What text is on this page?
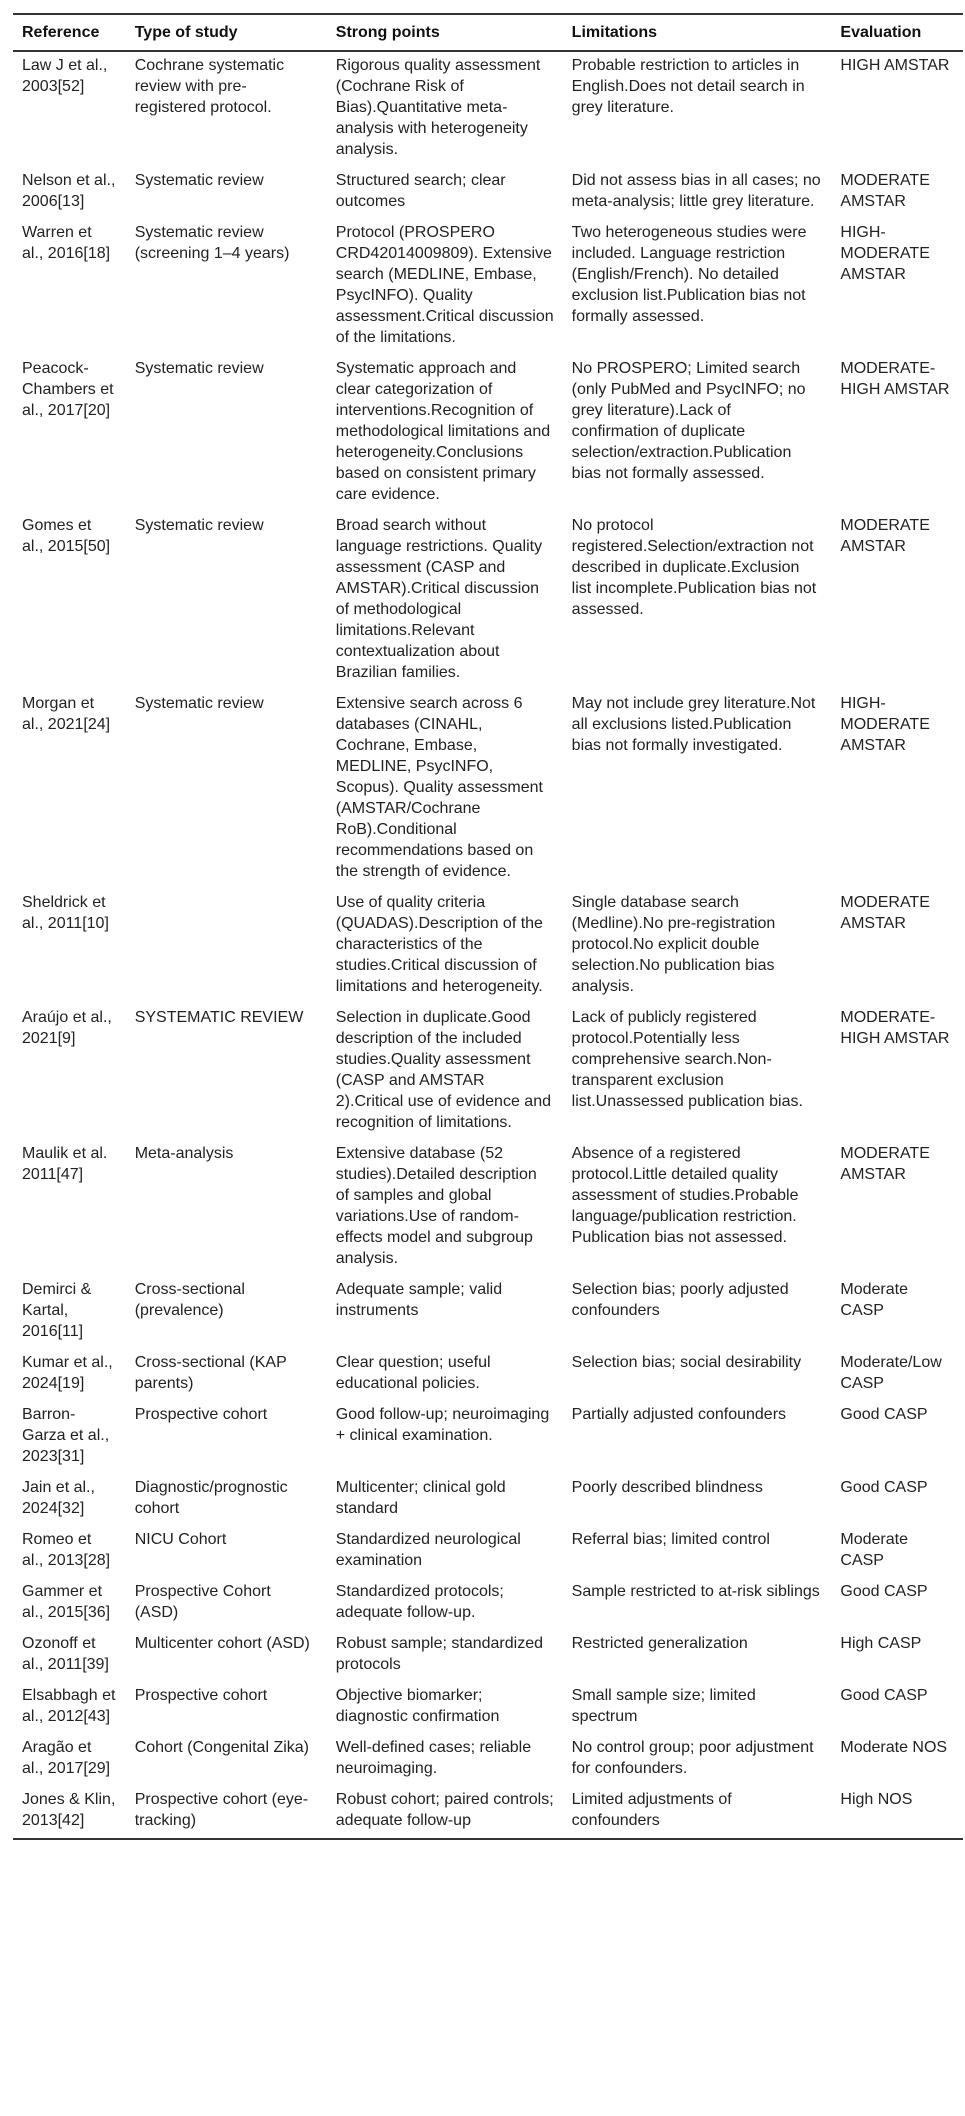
Reference	Type of study	Strong points	Limitations	Evaluation
Law J et al., 2003[52]	Cochrane systematic review with pre-registered protocol.	Rigorous quality assessment (Cochrane Risk of Bias).Quantitative meta-analysis with heterogeneity analysis.	Probable restriction to articles in English.Does not detail search in grey literature.	HIGH AMSTAR
Nelson et al., 2006[13]	Systematic review	Structured search; clear outcomes	Did not assess bias in all cases; no meta-analysis; little grey literature.	MODERATE AMSTAR
Warren et al., 2016[18]	Systematic review (screening 1–4 years)	Protocol (PROSPERO CRD42014009809). Extensive search (MEDLINE, Embase, PsycINFO). Quality assessment.Critical discussion of the limitations.	Two heterogeneous studies were included. Language restriction (English/French). No detailed exclusion list.Publication bias not formally assessed.	HIGH-MODERATE AMSTAR
Peacock-Chambers et al., 2017[20]	Systematic review	Systematic approach and clear categorization of interventions.Recognition of methodological limitations and heterogeneity.Conclusions based on consistent primary care evidence.	No PROSPERO; Limited search (only PubMed and PsycINFO; no grey literature).Lack of confirmation of duplicate selection/extraction.Publication bias not formally assessed.	MODERATE-HIGH AMSTAR
Gomes et al., 2015[50]	Systematic review	Broad search without language restrictions. Quality assessment (CASP and AMSTAR).Critical discussion of methodological limitations.Relevant contextualization about Brazilian families.	No protocol registered.Selection/extraction not described in duplicate.Exclusion list incomplete.Publication bias not assessed.	MODERATE AMSTAR
Morgan et al., 2021[24]	Systematic review	Extensive search across 6 databases (CINAHL, Cochrane, Embase, MEDLINE, PsycINFO, Scopus). Quality assessment (AMSTAR/Cochrane RoB).Conditional recommendations based on the strength of evidence.	May not include grey literature.Not all exclusions listed.Publication bias not formally investigated.	HIGH-MODERATE AMSTAR
Sheldrick et al., 2011[10]		Use of quality criteria (QUADAS).Description of the characteristics of the studies.Critical discussion of limitations and heterogeneity.	Single database search (Medline).No pre-registration protocol.No explicit double selection.No publication bias analysis.	MODERATE AMSTAR
Araújo et al., 2021[9]	SYSTEMATIC REVIEW	Selection in duplicate.Good description of the included studies.Quality assessment (CASP and AMSTAR 2).Critical use of evidence and recognition of limitations.	Lack of publicly registered protocol.Potentially less comprehensive search.Non-transparent exclusion list.Unassessed publication bias.	MODERATE-HIGH AMSTAR
Maulik et al. 2011[47]	Meta-analysis	Extensive database (52 studies).Detailed description of samples and global variations.Use of random-effects model and subgroup analysis.	Absence of a registered protocol.Little detailed quality assessment of studies.Probable language/publication restriction. Publication bias not assessed.	MODERATE AMSTAR
Demirci & Kartal, 2016[11]	Cross-sectional (prevalence)	Adequate sample; valid instruments	Selection bias; poorly adjusted confounders	Moderate CASP
Kumar et al., 2024[19]	Cross-sectional (KAP parents)	Clear question; useful educational policies.	Selection bias; social desirability	Moderate/Low CASP
Barron-Garza et al., 2023[31]	Prospective cohort	Good follow-up; neuroimaging + clinical examination.	Partially adjusted confounders	Good CASP
Jain et al., 2024[32]	Diagnostic/prognostic cohort	Multicenter; clinical gold standard	Poorly described blindness	Good CASP
Romeo et al., 2013[28]	NICU Cohort	Standardized neurological examination	Referral bias; limited control	Moderate CASP
Gammer et al., 2015[36]	Prospective Cohort (ASD)	Standardized protocols; adequate follow-up.	Sample restricted to at-risk siblings	Good CASP
Ozonoff et al., 2011[39]	Multicenter cohort (ASD)	Robust sample; standardized protocols	Restricted generalization	High CASP
Elsabbagh et al., 2012[43]	Prospective cohort	Objective biomarker; diagnostic confirmation	Small sample size; limited spectrum	Good CASP
Aragão et al., 2017[29]	Cohort (Congenital Zika)	Well-defined cases; reliable neuroimaging.	No control group; poor adjustment for confounders.	Moderate NOS
Jones & Klin, 2013[42]	Prospective cohort (eye-tracking)	Robust cohort; paired controls; adequate follow-up	Limited adjustments of confounders	High NOS
